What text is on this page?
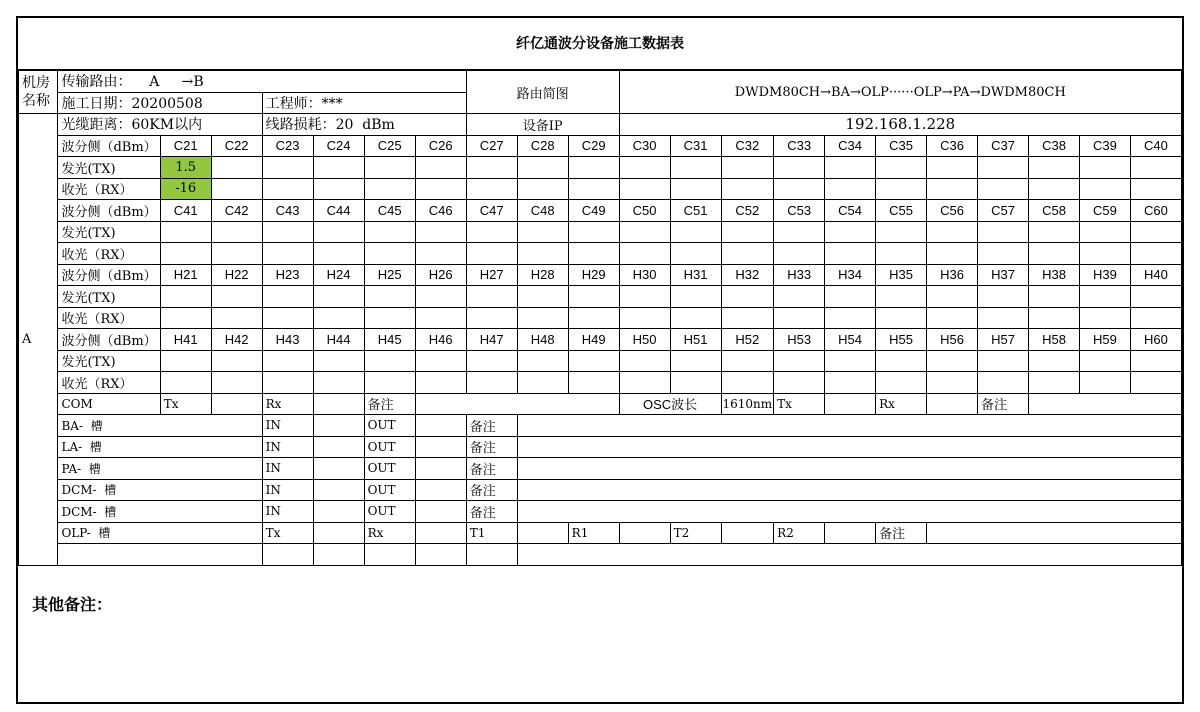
纤亿通波分设备施工数据表
机房名称	传输路由：    A     →B							路由简图			DWDM80CH→BA→OLP······OLP→PA→DWDM80CH										
	施工日期：20200508			工程师：***																	
A	光缆距离：60KM以内			线路损耗：20  dBm				设备IP			192.168.1.228										
	波分侧（dBm）	C21	C22	C23	C24	C25	C26	C27	C28	C29	C30	C31	C32	C33	C34	C35	C36	C37	C38	C39	C40
	发光(TX)	1.5																			
	收光（RX）	-16																			
	波分侧（dBm）	C41	C42	C43	C44	C45	C46	C47	C48	C49	C50	C51	C52	C53	C54	C55	C56	C57	C58	C59	C60
	发光(TX)																				
	收光（RX）																				
	波分侧（dBm）	H21	H22	H23	H24	H25	H26	H27	H28	H29	H30	H31	H32	H33	H34	H35	H36	H37	H38	H39	H40
	发光(TX)																				
	收光（RX）																				
	波分侧（dBm）	H41	H42	H43	H44	H45	H46	H47	H48	H49	H50	H51	H52	H53	H54	H55	H56	H57	H58	H59	H60
	发光(TX)																				
	收光（RX）																				
	COM	Tx		Rx		备注					OSC波长		1610nm	Tx		Rx		备注			
	BA-  槽			IN		OUT		备注													
	LA-  槽			IN		OUT		备注													
	PA-  槽			IN		OUT		备注													
	DCM-  槽			IN		OUT		备注													
	DCM-  槽			IN		OUT		备注													
	OLP-  槽			Tx		Rx		T1		R1		T2		R2		备注					

其他备注：
